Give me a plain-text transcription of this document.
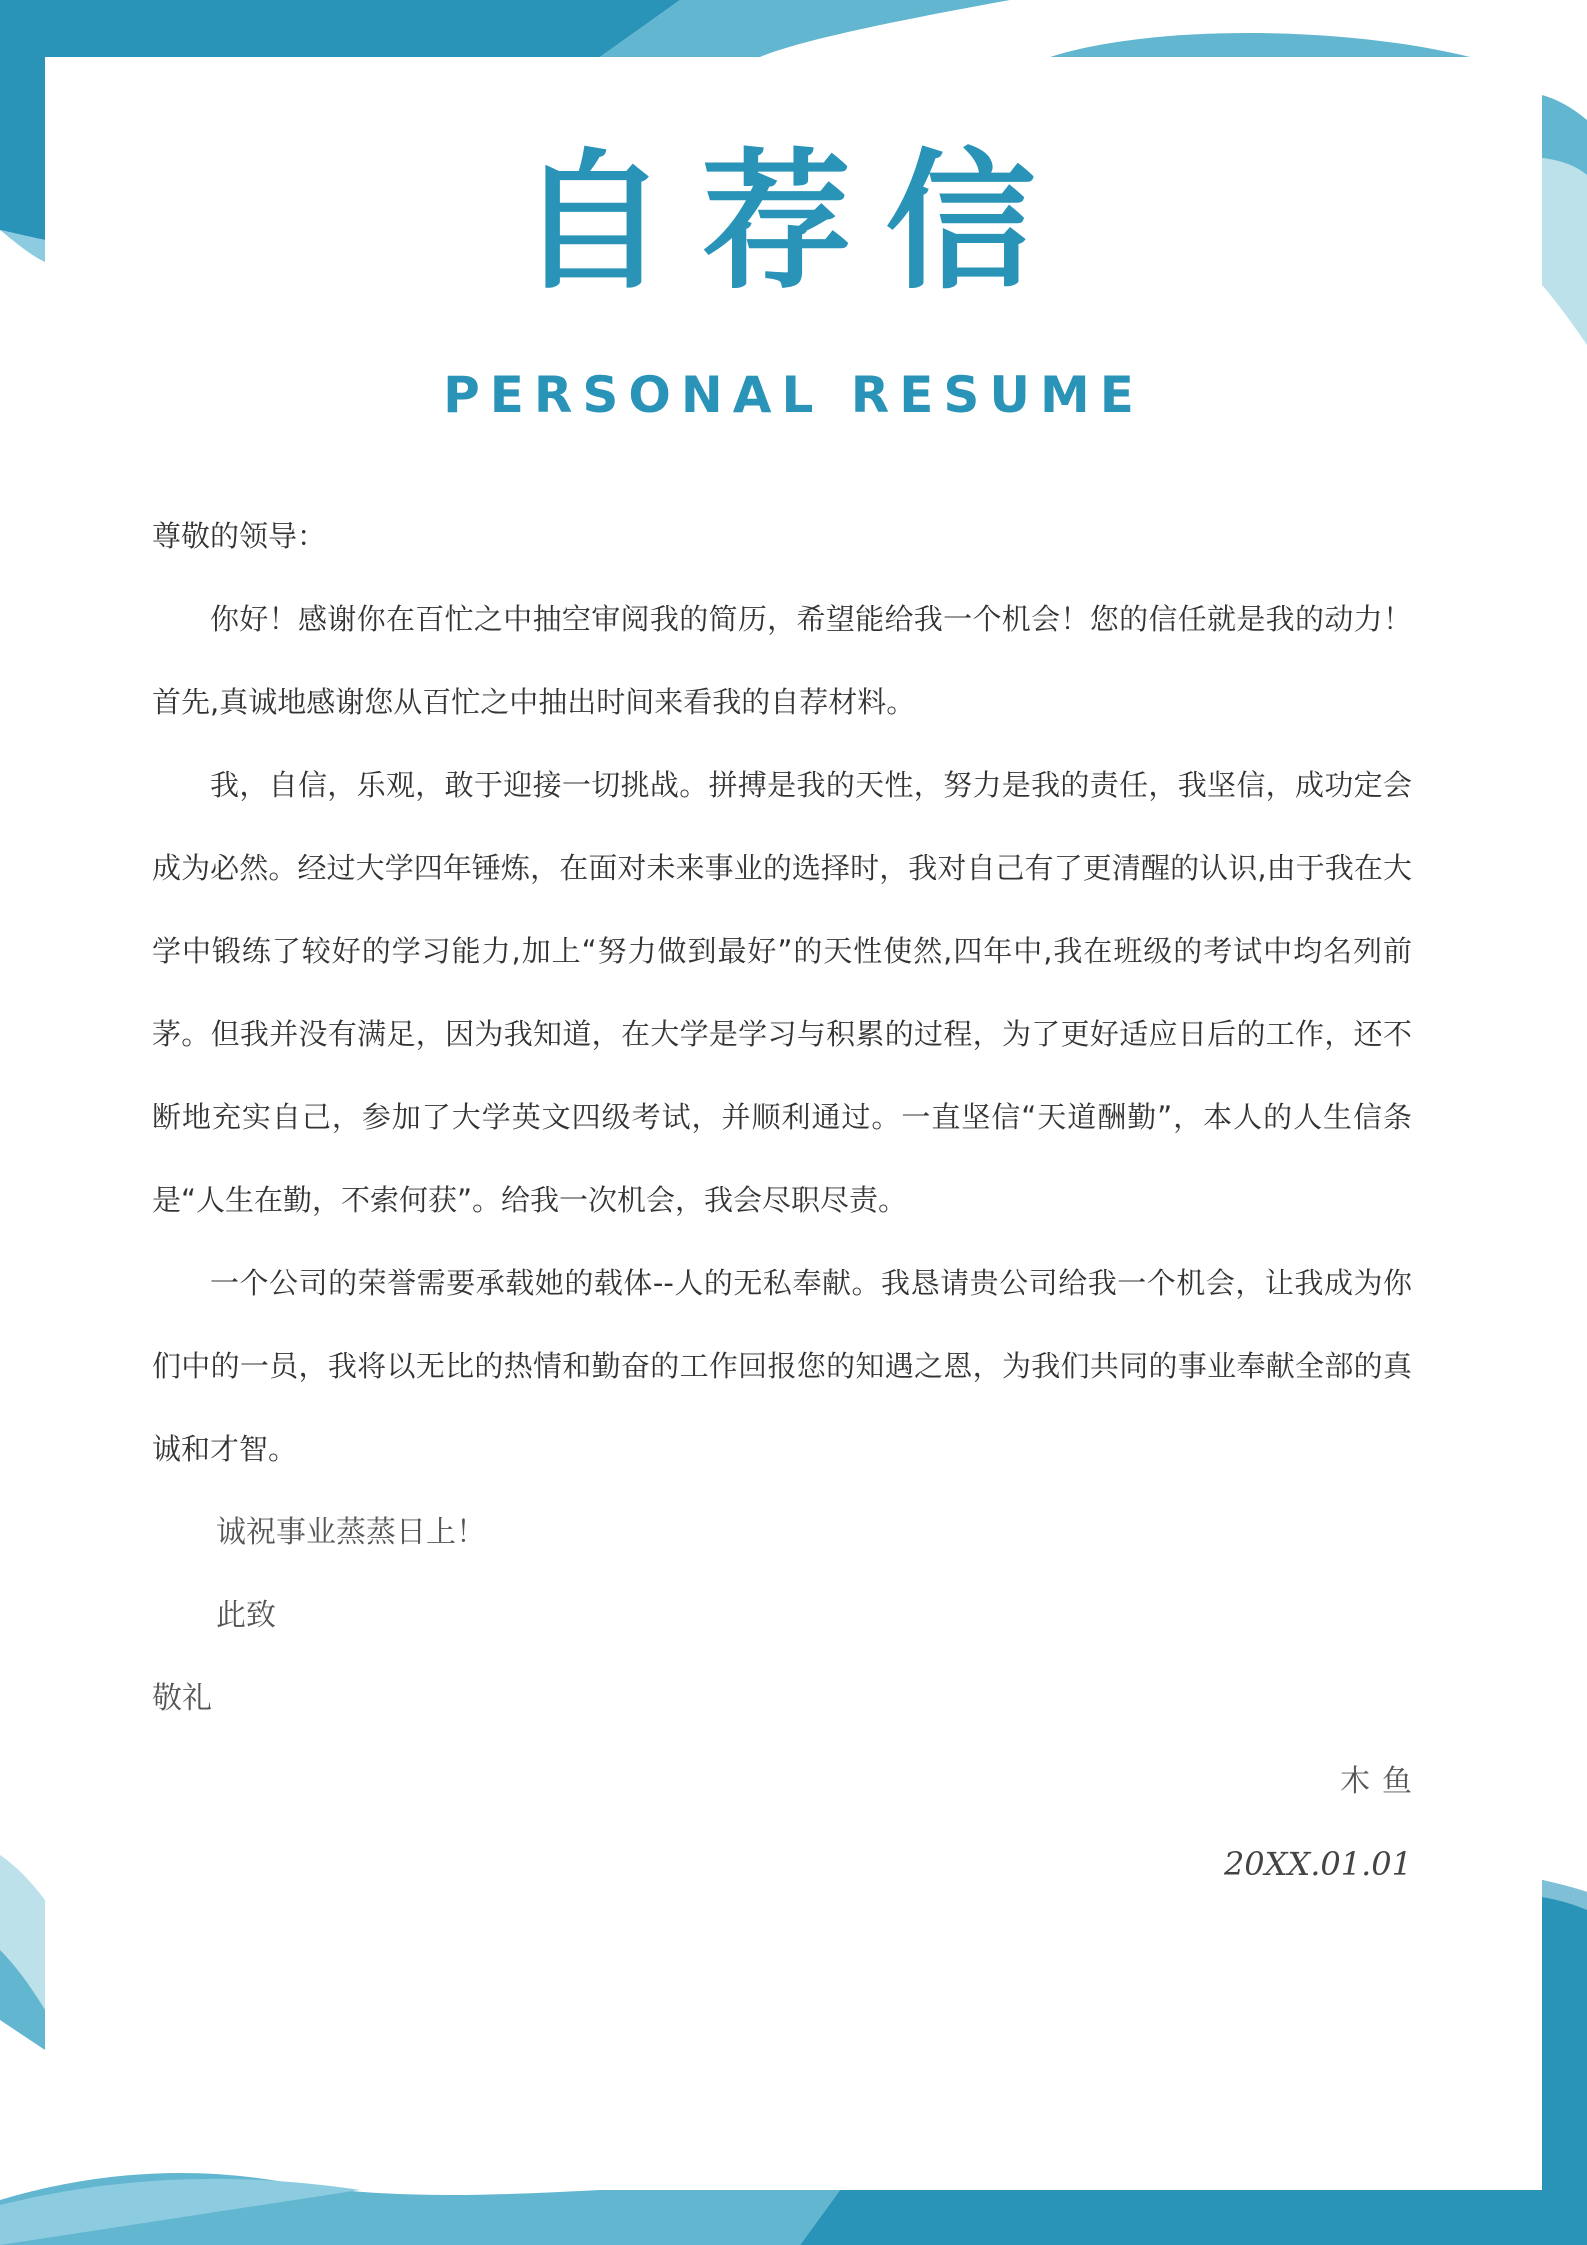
自荐信
PERSONAL RESUME

尊敬的领导：

你好！感谢你在百忙之中抽空审阅我的简历，希望能给我一个机会！您的信任就是我的动力！首先,真诚地感谢您从百忙之中抽出时间来看我的自荐材料。

我，自信，乐观，敢于迎接一切挑战。拼搏是我的天性，努力是我的责任，我坚信，成功定会成为必然。经过大学四年锤炼，在面对未来事业的选择时，我对自己有了更清醒的认识,由于我在大学中锻练了较好的学习能力,加上“努力做到最好”的天性使然,四年中,我在班级的考试中均名列前茅。但我并没有满足，因为我知道，在大学是学习与积累的过程，为了更好适应日后的工作，还不断地充实自己，参加了大学英文四级考试，并顺利通过。一直坚信“天道酬勤”，本人的人生信条是“人生在勤，不索何获”。给我一次机会，我会尽职尽责。

一个公司的荣誉需要承载她的载体--人的无私奉献。我恳请贵公司给我一个机会，让我成为你们中的一员，我将以无比的热情和勤奋的工作回报您的知遇之恩，为我们共同的事业奉献全部的真诚和才智。

诚祝事业蒸蒸日上！

此致

敬礼

木鱼

20XX.01.01
